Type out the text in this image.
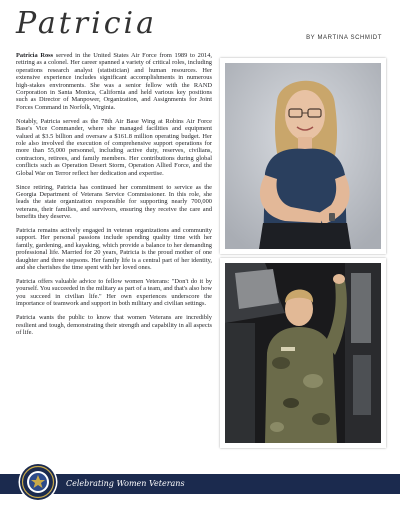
Patricia	BY MARTINA SCHMIDT

Patricia Ross served in the United States Air Force from 1989 to 2014, retiring as a colonel. Her career spanned a variety of critical roles, including operations research analyst (statistician) and human resources. Her extensive experience includes significant accomplishments in numerous high-stakes environments. She was a senior fellow with the RAND Corporation in Santa Monica, California and held various key positions such as Director of Manpower, Organization, and Assignments for Joint Forces Command in Norfolk, Virginia.

Notably, Patricia served as the 78th Air Base Wing at Robins Air Force Base's Vice Commander, where she managed facilities and equipment valued at $3.5 billion and oversaw a $161.8 million operating budget. Her role also involved the execution of comprehensive support operations for more than 55,000 personnel, including active duty, reserves, civilians, contractors, retirees, and family members. Her contributions during global conflicts such as Operation Desert Storm, Operation Allied Force, and the Global War on Terror reflect her dedication and expertise.

Since retiring, Patricia has continued her commitment to service as the Georgia Department of Veterans Service Commissioner. In this role, she leads the state organization responsible for supporting nearly 700,000 veterans, their families, and survivors, ensuring they receive the care and benefits they deserve.

Patricia remains actively engaged in veteran organizations and community support. Her personal passions include spending quality time with her family, gardening, and kayaking, which provide a balance to her demanding professional life. Married for 20 years, Patricia is the proud mother of one daughter and three stepsons. Her family life is a central part of her identity, and she cherishes the time spent with her loved ones.

Patricia offers valuable advice to fellow women Veterans: "Don't do it by yourself. You succeeded in the military as part of a team, and that's also how you succeed in civilian life." Her own experiences underscore the importance of teamwork and support in both military and civilian settings.

Patricia wants the public to know that women Veterans are incredibly resilient and tough, demonstrating their strength and capability in all aspects of life.

Celebrating Women Veterans
